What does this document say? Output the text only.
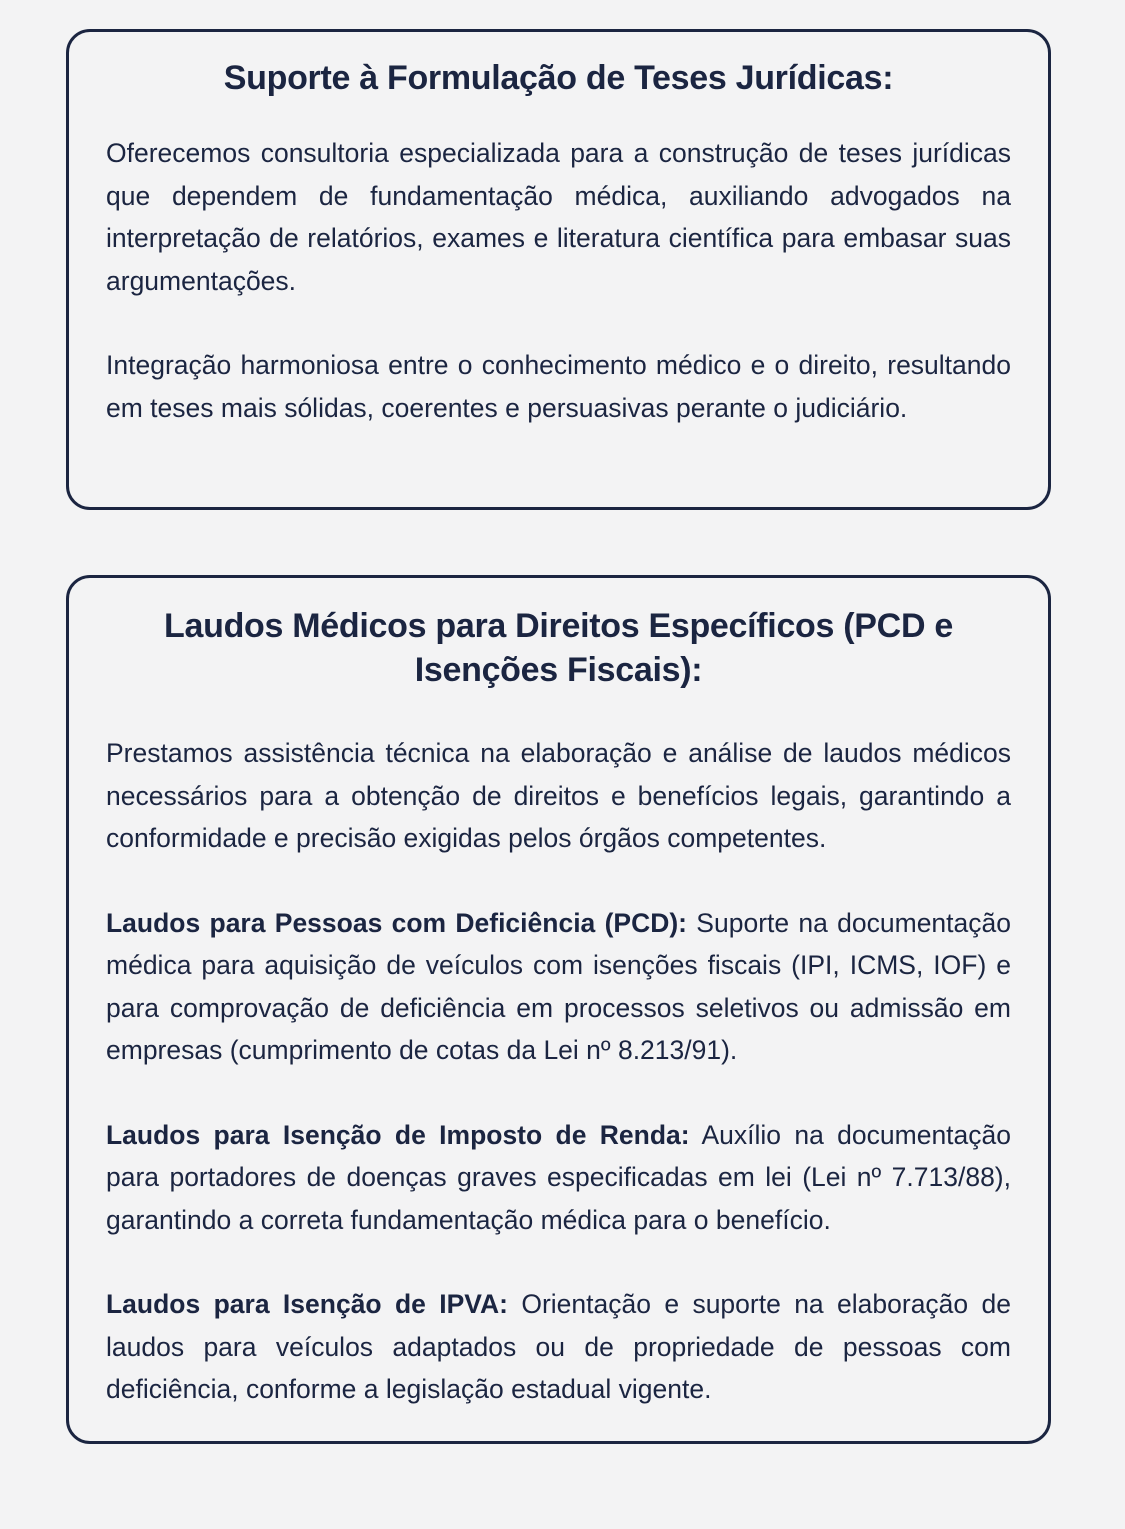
Suporte à Formulação de Teses Jurídicas:

Oferecemos consultoria especializada para a construção de teses jurídicas que dependem de fundamentação médica, auxiliando advogados na interpretação de relatórios, exames e literatura científica para embasar suas argumentações.

Integração harmoniosa entre o conhecimento médico e o direito, resultando em teses mais sólidas, coerentes e persuasivas perante o judiciário.

Laudos Médicos para Direitos Específicos (PCD e Isenções Fiscais):

Prestamos assistência técnica na elaboração e análise de laudos médicos necessários para a obtenção de direitos e benefícios legais, garantindo a conformidade e precisão exigidas pelos órgãos competentes.

Laudos para Pessoas com Deficiência (PCD): Suporte na documentação médica para aquisição de veículos com isenções fiscais (IPI, ICMS, IOF) e para comprovação de deficiência em processos seletivos ou admissão em empresas (cumprimento de cotas da Lei nº 8.213/91).

Laudos para Isenção de Imposto de Renda: Auxílio na documentação para portadores de doenças graves especificadas em lei (Lei nº 7.713/88), garantindo a correta fundamentação médica para o benefício.

Laudos para Isenção de IPVA: Orientação e suporte na elaboração de laudos para veículos adaptados ou de propriedade de pessoas com deficiência, conforme a legislação estadual vigente.
